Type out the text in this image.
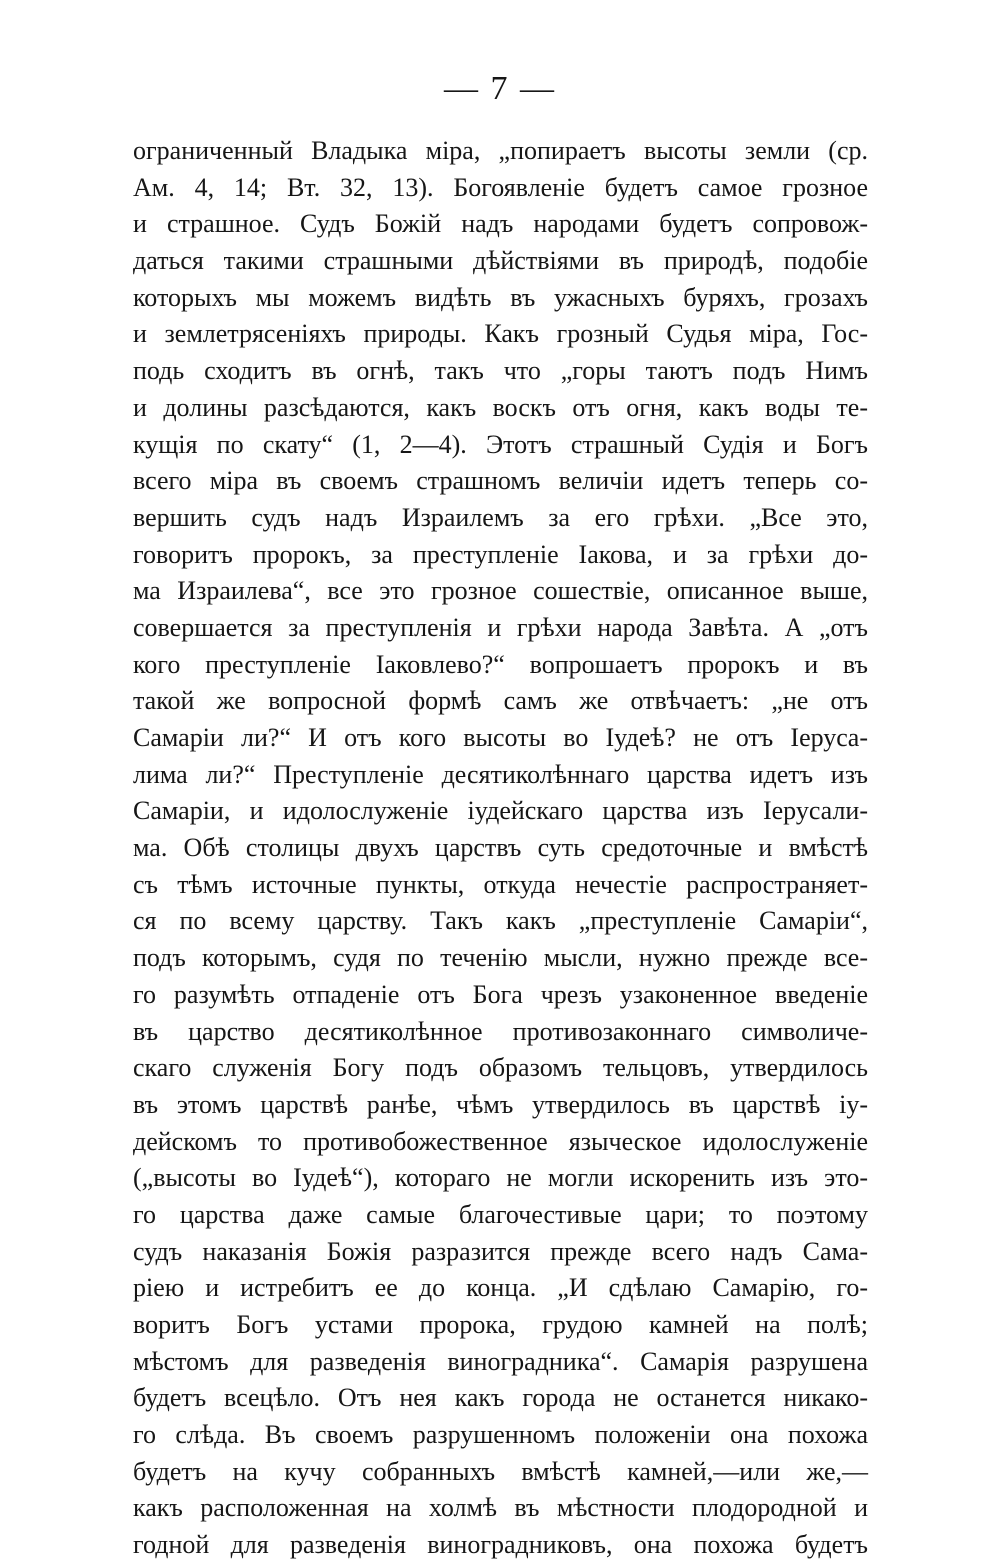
— 7 —
ограниченный Владыка міра, „попираетъ высоты земли (ср.
Ам. 4, 14; Вт. 32, 13). Богоявленіе будетъ самое грозное
и страшное. Судъ Божій надъ народами будетъ сопровож-
даться такими страшными дѣйствіями въ природѣ, подобіе
которыхъ мы можемъ видѣть въ ужасныхъ буряхъ, грозахъ
и землетрясеніяхъ природы. Какъ грозный Судья міра, Гос-
подь сходитъ въ огнѣ, такъ что „горы таютъ подъ Нимъ
и долины разсѣдаются, какъ воскъ отъ огня, какъ воды те-
кущія по скату“ (1, 2—4). Этотъ страшный Судія и Богъ
всего міра въ своемъ страшномъ величіи идетъ теперь со-
вершить судъ надъ Израилемъ за его грѣхи. „Все это,
говоритъ пророкъ, за преступленіе Іакова, и за грѣхи до-
ма Израилева“, все это грозное сошествіе, описанное выше,
совершается за преступленія и грѣхи народа Завѣта. А „отъ
кого преступленіе Іаковлево?“ вопрошаетъ пророкъ и въ
такой же вопросной формѣ самъ же отвѣчаетъ: „не отъ
Самаріи ли?“ И отъ кого высоты во Іудеѣ? не отъ Іерусa-
лима ли?“ Преступленіе десятиколѣннаго царства идетъ изъ
Самаріи, и идолослуженіе іудейскаго царства изъ Іерусали-
ма. Обѣ столицы двухъ царствъ суть средоточные и вмѣстѣ
съ тѣмъ источные пункты, откуда нечестіе распространяет-
ся по всему царству. Такъ какъ „преступленіе Самаріи“,
подъ которымъ, судя по теченію мысли, нужно прежде все-
го разумѣть отпаденіе отъ Бога чрезъ узаконенное введеніе
въ царство десятиколѣнное противозаконнаго символиче-
скаго служенія Богу подъ образомъ тельцовъ, утвердилось
въ этомъ царствѣ ранѣе, чѣмъ утвердилось въ царствѣ іу-
дейскомъ то противобожественное языческое идолослуженіе
(„высоты во Іудеѣ“), котораго не могли искоренить изъ это-
го царства даже самые благочестивые цари; то поэтому
судъ наказанія Божія разразится прежде всего надъ Сама-
ріею и истребитъ ее до конца. „И сдѣлаю Самарію, го-
воритъ Богъ устами пророка, грудою камней на полѣ;
мѣстомъ для разведенія виноградника“. Самарія разрушена
будетъ всецѣло. Отъ нея какъ города не останется никако-
го слѣда. Въ своемъ разрушенномъ положеніи она похожа
будетъ на кучу собранныхъ вмѣстѣ камней,—или же,—
какъ расположенная на холмѣ въ мѣстности плодородной и
годной для разведенія виноградниковъ, она похожа будетъ
